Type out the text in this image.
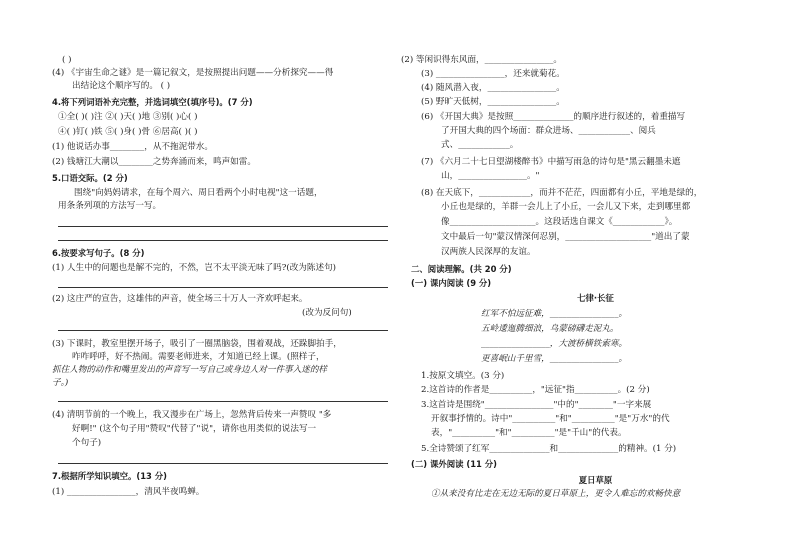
( )
(4) 《宇宙生命之谜》是一篇记叙文，是按照提出问题——分析探究——得
出结论这个顺序写的。 ( )
4.将下列词语补充完整，并选词填空(填序号)。(7 分)
①全( )( )注 ②( )天( )地 ③别( )心( )
④( )钉( )铁 ⑤( )身( )骨 ⑥居高( )( )
(1) 他说话办事________，从不拖泥带水。
(2) 钱塘江大潮以________之势奔涌而来，鸣声如雷。
5.口语交际。(2 分)
围绕"向妈妈请求，在每个周六、周日看两个小时电视"这一话题，
用条条列项的方法写一写。
6.按要求写句子。(8 分)
(1) 人生中的问题也是解不完的，不然，岂不太平淡无味了吗?(改为陈述句)
(2) 这庄严的宣告，这雄伟的声音，使全场三十万人一齐欢呼起来。
(改为反问句)
(3) 下课时，教室里摆开场子，吸引了一圈黑脑袋，围着观战，还跺脚拍手，
咋咋呼呼，好不热闹。需要老师进来，才知道已经上课。(照样子，
抓住人物的动作和嘴里发出的声音写一写自己或身边人对一件事入迷的样
子。)
(4) 清明节前的一个晚上，我又漫步在广场上，忽然背后传来一声赞叹 "多
好啊!" (这个句子用"赞叹"代替了"说"，请你也用类似的说法写一
个句子)
7.根据所学知识填空。(13 分)
(1) ________________，清风半夜鸣蝉。
(2) 等闲识得东风面，________________。
(3) ________________，还来就菊花。
(4) 随风潜入夜，________________。
(5) 野旷天低树，________________。
(6) 《开国大典》是按照______________的顺序进行叙述的，着重描写
了开国大典的四个场面：群众进场、____________、阅兵
式、____________。
(7) 《六月二十七日望湖楼醉书》中描写雨急的诗句是"黑云翻墨未遮
山，________________。"
(8) 在天底下，____________，而并不茫茫，四面都有小丘，平地是绿的，
小丘也是绿的，羊群一会儿上了小丘，一会儿又下来，走到哪里都
像____________________。这段话选自课文《____________》。
文中最后一句"蒙汉情深何忍别，____________________"道出了蒙
汉两族人民深厚的友谊。
二、阅读理解。(共 20 分)
(一) 课内阅读 (9 分)
七律·长征
红军不怕远征难，________________。
五岭逶迤腾细浪，乌蒙磅礴走泥丸。
________________，大渡桥横铁索寒。
更喜岷山千里雪，________________。
1.按原文填空。(3 分)
2.这首诗的作者是__________，"远征"指__________。(2 分)
3.这首诗是围绕"________________"中的"________"一字来展
开叙事抒情的。诗中"__________"和"__________"是"万水"的代
表，"__________"和"__________"是"千山"的代表。
5.全诗赞颂了红军______________和______________的精神。(1 分)
(二) 课外阅读 (11 分)
夏日草原
①从来没有比走在无边无际的夏日草原上，更令人难忘的欢畅快意
